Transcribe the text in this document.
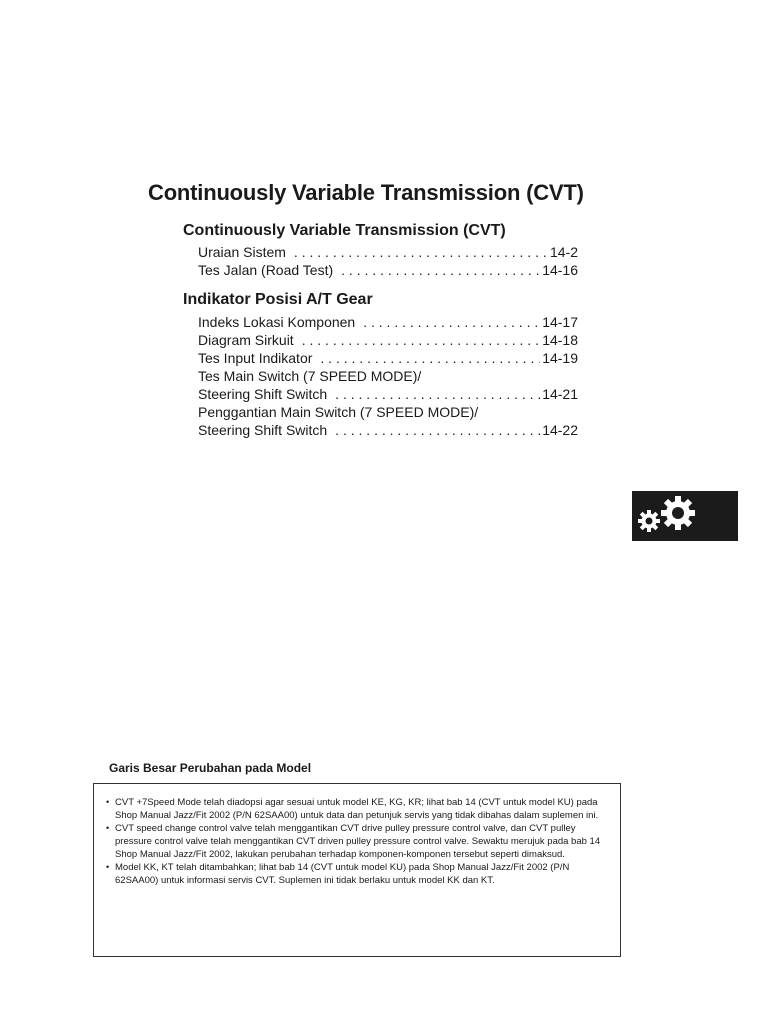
Continuously Variable Transmission (CVT)
Continuously Variable Transmission (CVT)
Uraian Sistem . . .	14-2
Tes Jalan (Road Test) . . .	14-16
Indikator Posisi A/T Gear
Indeks Lokasi Komponen . . .	14-17
Diagram Sirkuit . . .	14-18
Tes Input Indikator . . .	14-19
Tes Main Switch (7 SPEED MODE)/
Steering Shift Switch . . .	14-21
Penggantian Main Switch (7 SPEED MODE)/
Steering Shift Switch . . .	14-22
Garis Besar Perubahan pada Model
• CVT +7Speed Mode telah diadopsi agar sesuai untuk model KE, KG, KR; lihat bab 14 (CVT untuk model KU) pada Shop Manual Jazz/Fit 2002 (P/N 62SAA00) untuk data dan petunjuk servis yang tidak dibahas dalam suplemen ini.
• CVT speed change control valve telah menggantikan CVT drive pulley pressure control valve, dan CVT pulley pressure control valve telah menggantikan CVT driven pulley pressure control valve. Sewaktu merujuk pada bab 14 Shop Manual Jazz/Fit 2002, lakukan perubahan terhadap komponen-komponen tersebut seperti dimaksud.
• Model KK, KT telah ditambahkan; lihat bab 14 (CVT untuk model KU) pada Shop Manual Jazz/Fit 2002 (P/N 62SAA00) untuk informasi servis CVT. Suplemen ini tidak berlaku untuk model KK dan KT.
